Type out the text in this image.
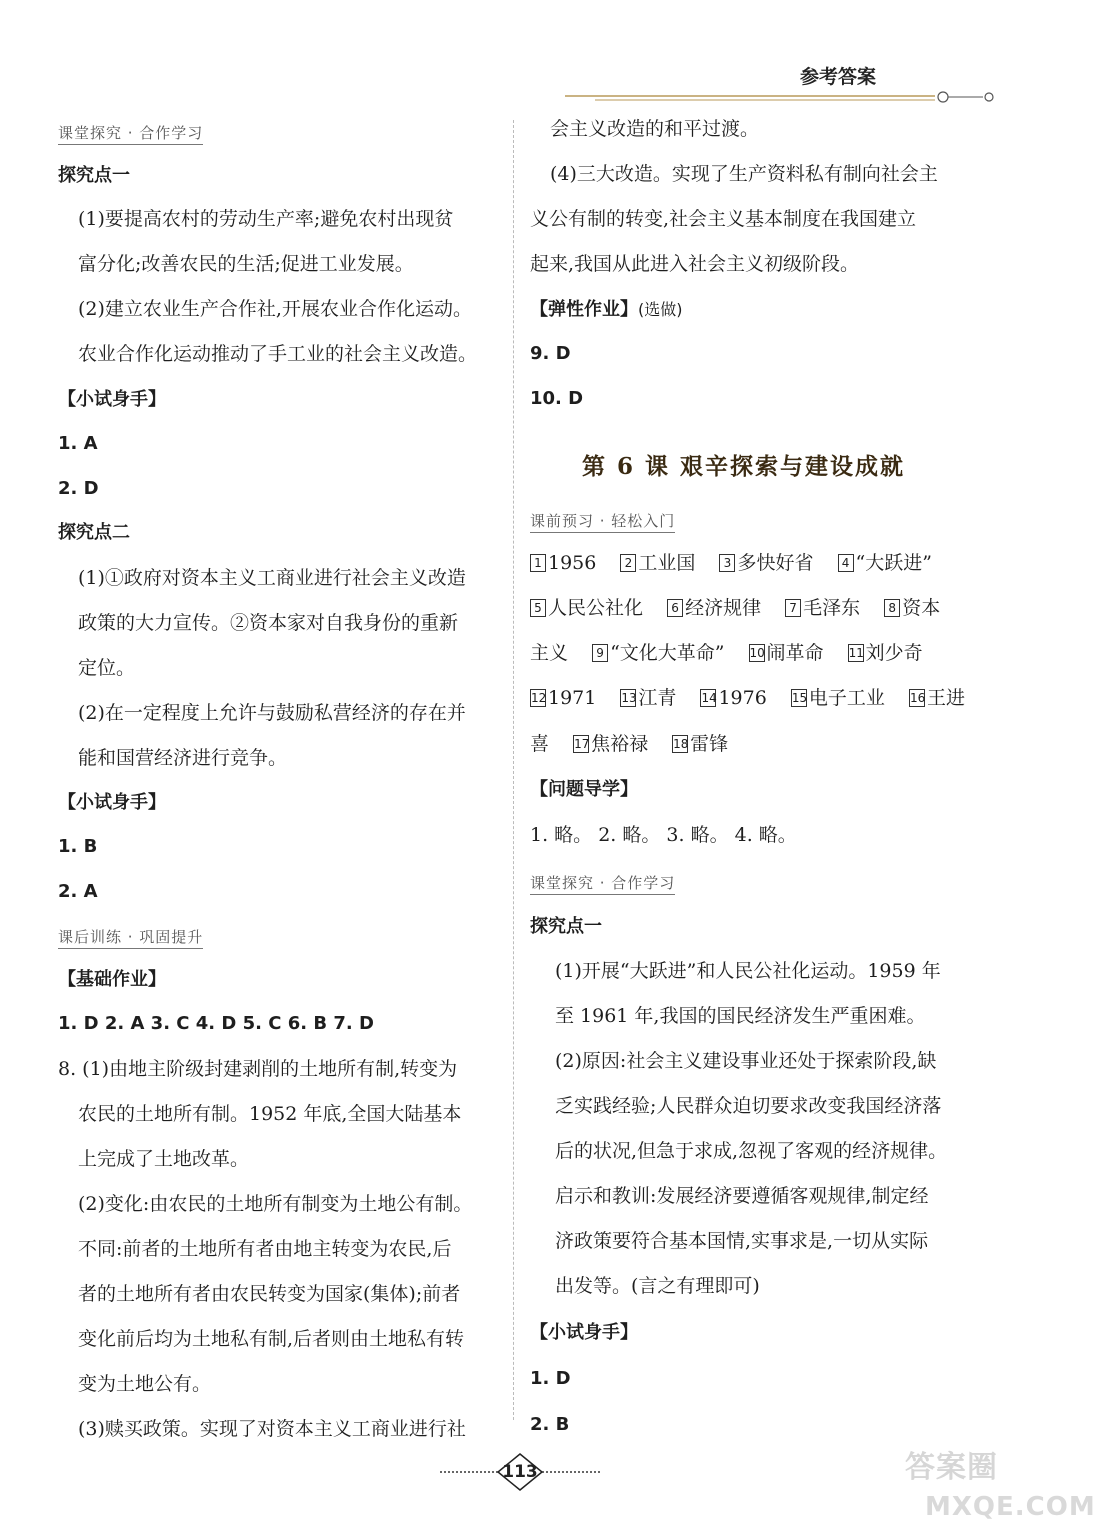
参考答案
课堂探究 · 合作学习
探究点一
(1)要提高农村的劳动生产率;避免农村出现贫
富分化;改善农民的生活;促进工业发展。
(2)建立农业生产合作社,开展农业合作化运动。
农业合作化运动推动了手工业的社会主义改造。
【小试身手】
1. A
2. D
探究点二
(1)①政府对资本主义工商业进行社会主义改造
政策的大力宣传。②资本家对自我身份的重新
定位。
(2)在一定程度上允许与鼓励私营经济的存在并
能和国营经济进行竞争。
【小试身手】
1. B
2. A
课后训练 · 巩固提升
【基础作业】
1. D 2. A 3. C 4. D 5. C 6. B 7. D
8. (1)由地主阶级封建剥削的土地所有制,转变为
农民的土地所有制。1952 年底,全国大陆基本
上完成了土地改革。
(2)变化:由农民的土地所有制变为土地公有制。
不同:前者的土地所有者由地主转变为农民,后
者的土地所有者由农民转变为国家(集体);前者
变化前后均为土地私有制,后者则由土地私有转
变为土地公有。
(3)赎买政策。实现了对资本主义工商业进行社
会主义改造的和平过渡。
(4)三大改造。实现了生产资料私有制向社会主
义公有制的转变,社会主义基本制度在我国建立
起来,我国从此进入社会主义初级阶段。
【弹性作业】(选做)
9. D
10. D
第 6 课 艰辛探索与建设成就
课前预习 · 轻松入门
1 1956 2 工业国 3 多快好省 4 “大跃进”
5 人民公社化 6 经济规律 7 毛泽东 8 资本
主义 9 “文化大革命” 10闹革命 11刘少奇
121971 13江青 141976 15电子工业 16王进
喜 17焦裕禄 18雷锋
【问题导学】
1. 略。 2. 略。 3. 略。 4. 略。
课堂探究 · 合作学习
探究点一
(1)开展“大跃进”和人民公社化运动。1959 年
至 1961 年,我国的国民经济发生严重困难。
(2)原因:社会主义建设事业还处于探索阶段,缺
乏实践经验;人民群众迫切要求改变我国经济落
后的状况,但急于求成,忽视了客观的经济规律。
启示和教训:发展经济要遵循客观规律,制定经
济政策要符合基本国情,实事求是,一切从实际
出发等。(言之有理即可)
【小试身手】
1. D
2. B
113	答案圈
MXQE.COM
